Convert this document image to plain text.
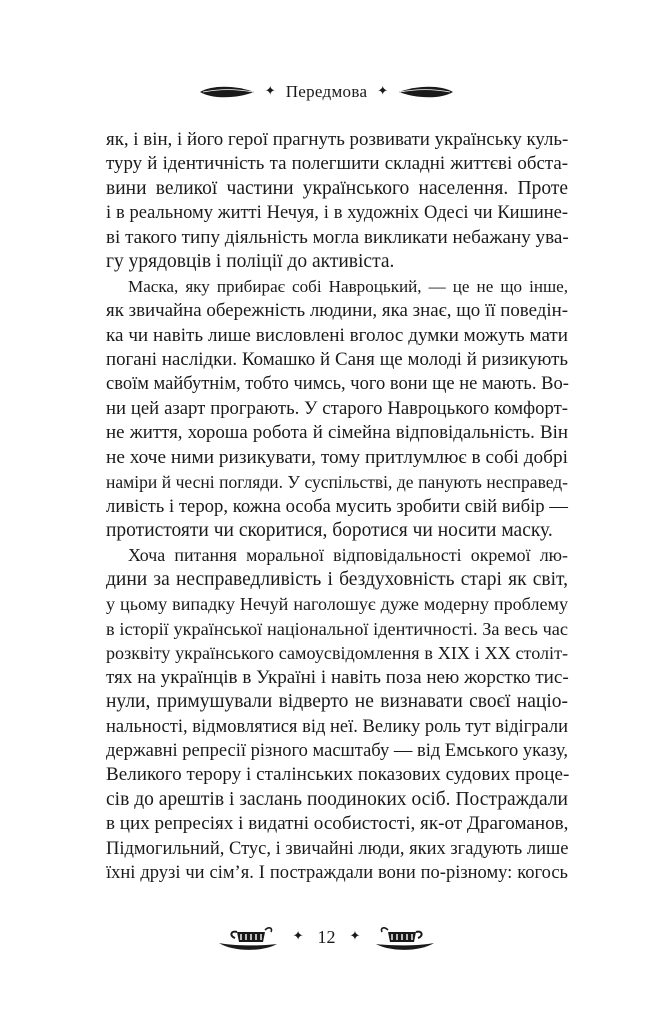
✦ Передмова ✦
як, і він, і його герої прагнуть розвивати українську куль-
туру й ідентичність та полегшити складні життєві обста-
вини великої частини українського населення. Проте
і в реальному житті Нечуя, і в художніх Одесі чи Кишине-
ві такого типу діяльність могла викликати небажану ува-
гу урядовців і поліції до активіста.
Маска, яку прибирає собі Навроцький, — це не що інше,
як звичайна обережність людини, яка знає, що її поведін-
ка чи навіть лише висловлені вголос думки можуть мати
погані наслідки. Комашко й Саня ще молоді й ризикують
своїм майбутнім, тобто чимсь, чого вони ще не мають. Во-
ни цей азарт програють. У старого Навроцького комфорт-
не життя, хороша робота й сімейна відповідальність. Він
не хоче ними ризикувати, тому притлумлює в собі добрі
наміри й чесні погляди. У суспільстві, де панують несправед-
ливість і терор, кожна особа мусить зробити свій вибір —
протистояти чи скоритися, боротися чи носити маску.
Хоча питання моральної відповідальності окремої лю-
дини за несправедливість і бездуховність старі як світ,
у цьому випадку Нечуй наголошує дуже модерну проблему
в історії української національної ідентичності. За весь час
розквіту українського самоусвідомлення в ХІХ і ХХ століт-
тях на українців в Україні і навіть поза нею жорстко тис-
нули, примушували відверто не визнавати своєї націо-
нальності, відмовлятися від неї. Велику роль тут відіграли
державні репресії різного масштабу — від Емського указу,
Великого терору і сталінських показових судових проце-
сів до арештів і заслань поодиноких осіб. Постраждали
в цих репресіях і видатні особистості, як-от Драгоманов,
Підмогильний, Стус, і звичайні люди, яких згадують лише
їхні друзі чи сім’я. І постраждали вони по-різному: когось
✦ 12 ✦
